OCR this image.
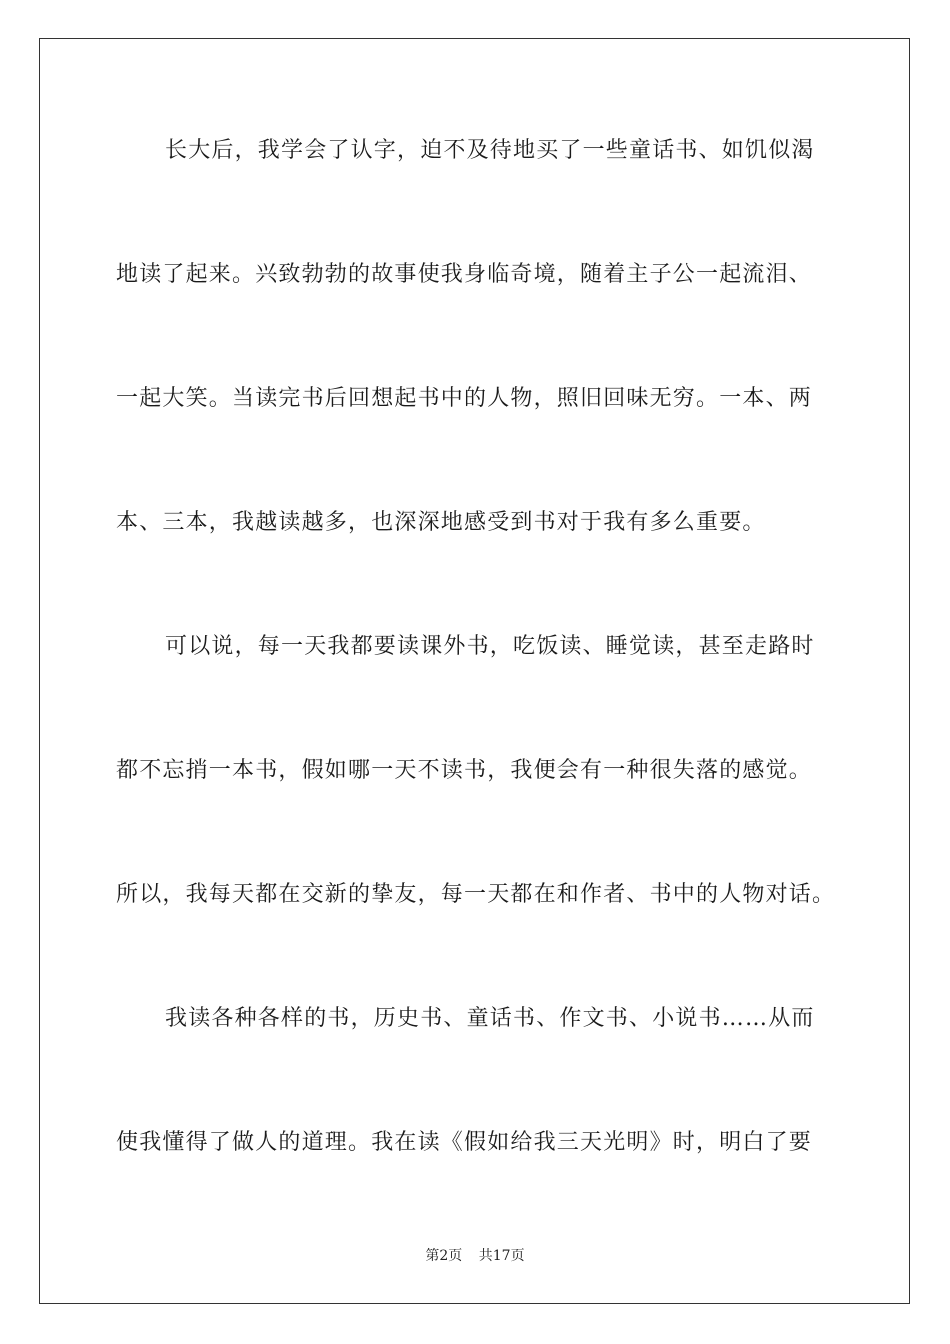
长大后，我学会了认字，迫不及待地买了一些童话书、如饥似渴
地读了起来。兴致勃勃的故事使我身临奇境，随着主子公一起流泪、
一起大笑。当读完书后回想起书中的人物，照旧回味无穷。一本、两
本、三本，我越读越多，也深深地感受到书对于我有多么重要。
可以说，每一天我都要读课外书，吃饭读、睡觉读，甚至走路时
都不忘捎一本书，假如哪一天不读书，我便会有一种很失落的感觉。
所以，我每天都在交新的挚友，每一天都在和作者、书中的人物对话。
我读各种各样的书，历史书、童话书、作文书、小说书……从而
使我懂得了做人的道理。我在读《假如给我三天光明》时，明白了要
第2页 共17页
